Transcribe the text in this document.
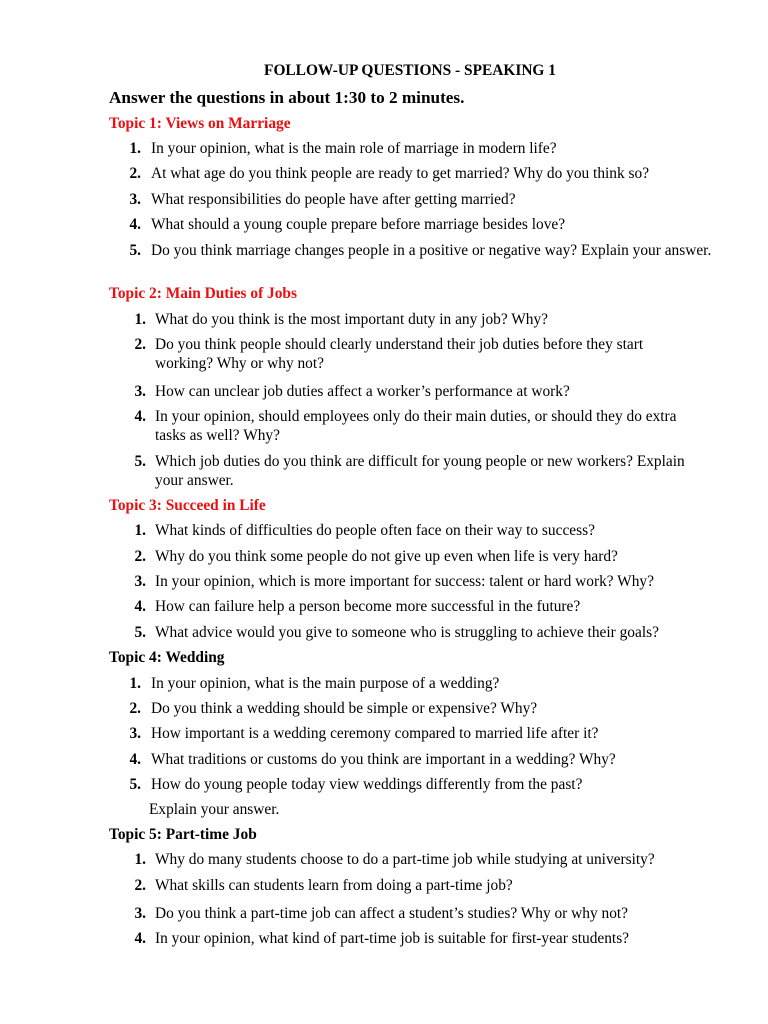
FOLLOW-UP QUESTIONS - SPEAKING 1
Answer the questions in about 1:30 to 2 minutes.
Topic 1: Views on Marriage
1. In your opinion, what is the main role of marriage in modern life?
2. At what age do you think people are ready to get married? Why do you think so?
3. What responsibilities do people have after getting married?
4. What should a young couple prepare before marriage besides love?
5. Do you think marriage changes people in a positive or negative way? Explain your answer.
Topic 2: Main Duties of Jobs
1. What do you think is the most important duty in any job? Why?
2. Do you think people should clearly understand their job duties before they start working? Why or why not?
3. How can unclear job duties affect a worker’s performance at work?
4. In your opinion, should employees only do their main duties, or should they do extra tasks as well? Why?
5. Which job duties do you think are difficult for young people or new workers? Explain your answer.
Topic 3: Succeed in Life
1. What kinds of difficulties do people often face on their way to success?
2. Why do you think some people do not give up even when life is very hard?
3. In your opinion, which is more important for success: talent or hard work? Why?
4. How can failure help a person become more successful in the future?
5. What advice would you give to someone who is struggling to achieve their goals?
Topic 4: Wedding
1. In your opinion, what is the main purpose of a wedding?
2. Do you think a wedding should be simple or expensive? Why?
3. How important is a wedding ceremony compared to married life after it?
4. What traditions or customs do you think are important in a wedding? Why?
5. How do young people today view weddings differently from the past?
Explain your answer.
Topic 5: Part-time Job
1. Why do many students choose to do a part-time job while studying at university?
2. What skills can students learn from doing a part-time job?
3. Do you think a part-time job can affect a student’s studies? Why or why not?
4. In your opinion, what kind of part-time job is suitable for first-year students?
